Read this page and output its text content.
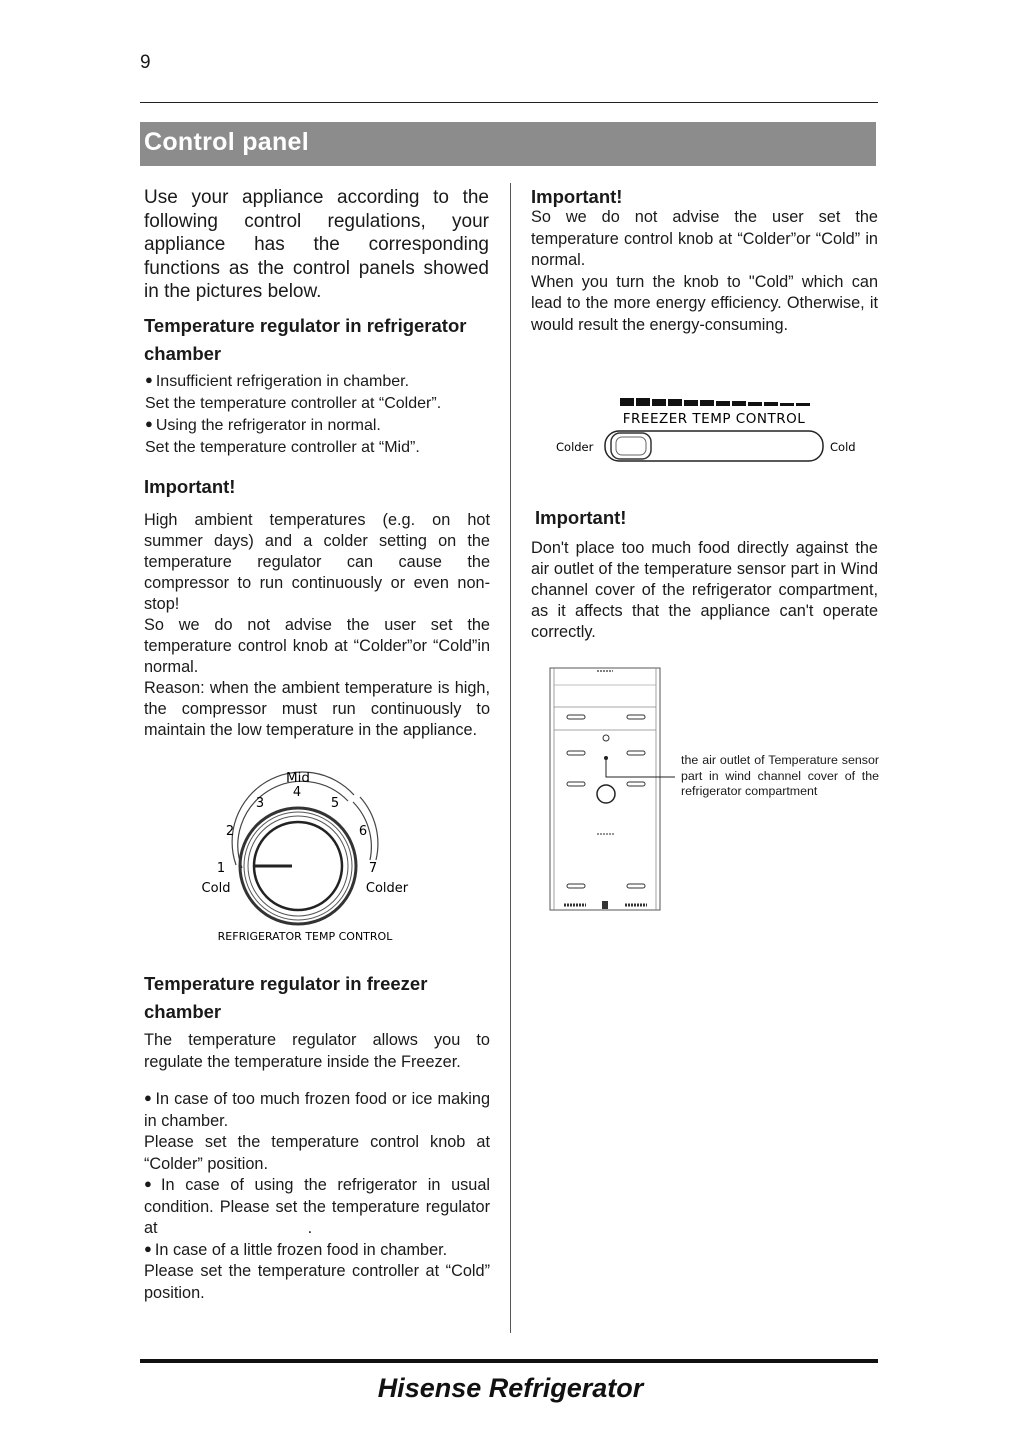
9
Control panel
Use your appliance according to the following control regulations, your appliance has the corresponding functions as the control panels showed in the pictures below.
Temperature regulator in refrigerator chamber

● Insufficient refrigeration in chamber.

Set the temperature controller at “Colder”.

● Using the refrigerator in normal.

Set the temperature controller at “Mid”.

Important!

High ambient temperatures (e.g. on hot summer days) and a colder setting on the temperature regulator can cause the compressor to run continuously or even non-stop!

So we do not advise the user set the temperature control knob at “Colder”or “Cold”in normal.

Reason: when the ambient temperature is high, the compressor must run continuously to maintain the low temperature in the appliance.

Mid
4
3	5
2	6
1	7
Cold	Colder
REFRIGERATOR TEMP CONTROL
Temperature regulator in freezer chamber
The temperature regulator allows you to regulate the temperature inside the Freezer.

● In case of too much frozen food or ice making in chamber.

Please set the temperature control knob at “Colder” position.

● In case of using the refrigerator in usual condition. Please set the temperature regulator at	.

● In case of a little frozen food in chamber.

Please set the temperature controller at “Cold” position.

Important!

So we do not advise the user set the temperature control knob at “Colder”or “Cold” in normal.

When you turn the knob to "Cold” which can lead to the more energy efficiency. Otherwise, it would result the energy-consuming.

FREEZER TEMP CONTROL
Colder	Cold
Important!
Don't place too much food directly against the air outlet of the temperature sensor part in Wind channel cover of the refrigerator compartment, as it affects that the appliance can't operate correctly.
the air outlet of Temperature sensor part in wind channel cover of the refrigerator compartment
Hisense Refrigerator
